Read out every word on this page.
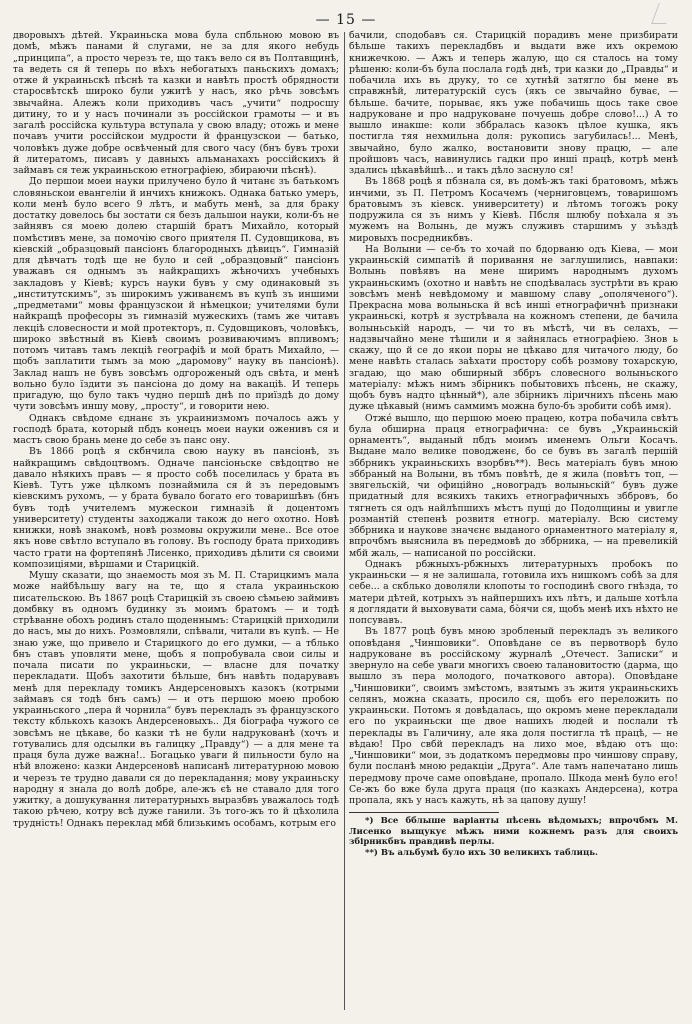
— 15 —

дворовыхъ дѣтей. Украиньска мова була спбльною мовою въ домѣ, мѣжъ панами й слугами, не за для якого небудь „принципа“, а просто черезъ те, що такъ вело ся въ Полтавщинѣ, та ведеть ся й теперь по вѣхъ небогатыхъ паньскихъ домахъ; отже й украиньскѣ пѣснѣ та казки и навѣть простѣ обрядности старосвѣтскѣ широко були ужитѣ у насъ, яко рѣчь зовсѣмъ звычайна. Алежъ коли приходивъ часъ „учити“ подросшу дитину, то и у насъ починали зъ россійскои грамоты — и въ загалѣ россійска культура вступала у свою владу; отожь и мене почавъ учити россійскои мудрости й французскои — батько, чоловѣкъ дуже добре освѣченый для свого часу (бнъ бувъ трохи й литератомъ, писавъ у давныхъ альманахахъ россійскихъ й займавъ ся теж украиньскою етнографіею, збираючи пѣснѣ).

До першои моеи науки прилучено було й читанє зъ батькомъ словяньскои евангеліи й инчихъ книжокъ. Однака батько умеръ, коли менѣ було всего 9 лѣтъ, и мабуть менѣ, за для браку достатку довелось бы зостати ся безъ дальшои науки, коли-бъ не зайнявъ ся моею долею старшій братъ Михайло, который помѣстивъ мене, за помочію свого приятеля П. Судовщикова, въ кіевскій „образцовый пансіонъ благородныхъ дѣвицъ“. Гимназій для дѣвчатъ тодѣ ще не було и сей „образцовый“ пансіонъ уважавъ ся однымъ зъ найкращихъ жѣночихъ учебныхъ закладовъ у Кіевѣ; курсъ науки бувъ у сму одинаковый зъ „институтскимъ“, зъ широкимъ уживанємъ въ купѣ зъ иншими „предметами“ мовы французскои й нѣмецкои; учителями були найкращѣ професоры зъ гимназій мужескихъ (тамъ же читавъ лекціѣ словесности и мой протекторъ, п. Судовщиковъ, чоловѣкъ, широко звѣстный въ Кіевѣ своимъ розвиваючимъ впливомъ; потомъ читавъ тамъ лекціѣ географіѣ и мой братъ Михайло, — щобъ заплатити тымъ за мою „даромову“ науку въ пансіонѣ). Заклад нашъ не бувъ зовсѣмъ одгороженый одъ свѣта, и менѣ вольно було їздити зъ пансіона до дому на вакаціѣ. И теперь пригадую, що було такъ чудно першѣ днѣ по приїздѣ до дому чути зовсѣмъ иншу мову, „просту“, и говорити нею.

Однакъ свѣдоме єднанє зъ украинизмомъ почалось ажъ у господѣ брата, который пбдъ конецъ моеи науки оженивъ ся и мастъ свою брань мене до себе зъ панс ону.

Въ 1866 роцѣ я скбнчила свою науку въ пансіонѣ, зъ найкращимъ свѣдоцтвомъ. Одначе пансіоньске свѣдоцтво не давало нѣякихъ правъ — я просто собѣ поселилась у брата въ Кіевѣ. Тутъ уже цѣлкомъ познаймила ся й зъ передовымъ кіевскимъ рухомъ, — у брата бувало богато его товаришѣвъ (бнъ бувъ тодѣ учителемъ мужескои гимназіѣ й доцентомъ университету) студенты заходжали також до него охотно. Новѣ книжки, новѣ знакомѣ, новѣ розмовы окружили мене.. Все отое якъ нове свѣтло вступало въ голову. Въ господу брата приходивъ часто грати на фортепянѣ Лисенко, приходивъ дѣлити ся своими композиціями, вѣршами и Старицкій.

Мушу сказати, що знаемость моя зъ М. П. Старицкимъ мала може найбѣльшу вагу на те, що я стала украиньскою писательскою. Въ 1867 роцѣ Старицкій зъ своею сѣмьею займивъ домбвку въ одномъ будинку зъ моимъ братомъ — и тодѣ стрѣванне обохъ родинъ стало щоденнымъ: Старицкій приходили до насъ, мы до нихъ. Розмовляли, спѣвали, читали въ купѣ. — Не знаю уже, що привело и Старицкого до его думки, — а тблько бнъ ставъ уповляти мене, щобъ я попробувала свои силы и почала писати по украиньски, — власне для початку перекладати. Щобъ захотити бѣльше, бнъ навѣть подарувавъ менѣ для перекладу томикъ Андерсеновыхъ казокъ (котрыми займавъ ся тодѣ бнъ самъ) — и отъ першою моею пробою украиньского „пера й чорнила“ бувъ перекладъ зъ французского тексту кблькохъ казокъ Андерсеновыхъ.. Дя біографа чужого се зовсѣмъ не цѣкаве, бо казки тѣ не були надрукованѣ (хочъ и готувались для одсылки въ галицку „Правду“) — а для мене та праця була дуже важна!.. Богацько уваги й пильности було на нѣй вложено: казки Андерсеновѣ написанѣ литературною мовою и черезъ те трудно давали ся до перекладання; мову украиньску народну я знала до волѣ добре, але-жъ єѣ не ставало для того ужитку, а дошукування литературныхъ выразбвъ уважалось тодѣ такою рѣчею, котру всѣ дуже ганили. Зъ того-жъ то й цѣхолила трудність! Однакъ переклад мбй близькимъ особамъ, котрым его

бачили, сподобавъ ся. Старицкій порадивъ мене призбирати бѣльше такихъ перекладбвъ и выдати вже ихъ окремою книжечкою. — Ажъ и теперь жалую, що ся сталось на тому рѣшеню: коли-бъ була послала годѣ днѣ, три казки до „Правды“ и побачила ихъ въ друку, то се хутнѣй затягло бы мене въ справжнѣй, литературскій сусъ (якъ се звычайно буває, — бѣльше. бачите, порыває, якъ уже побачишь щось таке свое надруковане и про надруковане почуешь добре слово!...) А то вышло инакше: коли зббралась казокъ цѣлое кушка, якъ постигла тяя нехмильна доля: рукопись загубилась!... Менѣ, звычайно, було жалко, востановити знову працю, — але пройшовъ часъ, навинулись гадки про инші працѣ, котрѣ менѣ здались цѣкавѣйшѣ... и такъ дѣло заснуло ся!

Въ 1868 роцѣ я пбзнала ся, въ домѣ-жъ такі братовомъ, мѣжъ инчими, зъ П. Петромъ Косачемъ (черниговцемъ, товаришомъ братовымъ зъ кіевск. университету) и лѣтомъ тогожъ року подружила ся зъ нимъ у Кіевѣ. Пбсля шлюбу поѣхала я зъ мужемъ на Волынь, де мужъ служивъ старшимъ у зъѣздѣ мировыхъ посредникбвъ.

На Волыни — се-бъ то хочай по бдорваню одъ Кіева, — мои украиньскій симпатіѣ й поривання не заглушились, навпаки: Волынь повѣявъ на мене ширимъ народнымъ духомъ украиньскимъ (охотно и навѣть не сподѣвалась зустрѣти въ краю зовсѣмъ менѣ невѣдомому и мавшому славу „ополяченого“). Прекрасна мова волыньска й всѣ инші етнографичнѣ признаки украиньскі, котрѣ я зустрѣвала на кожномъ степени, де бачила волыньській народъ, — чи то въ мѣстѣ, чи въ селахъ, — надзвычайно мене тѣшили и я зайнялась етнографіею. Знов ь скажу, що й се до якои поры не цѣкаво для читачого люду, бо мене навѣть сталась заѣхати простору собѣ розмову тохарскую, згадаю, що маю обширный зббръ словесного волыньского матеріалу: мѣжъ нимъ збірникъ побытовихъ пѣсень, не скажу, щобъ бувъ надто цѣнный*), але збірникъ ліричнихъ пѣсень маю дуже цѣкавый (нимъ саммимъ можна було-бъ зробити собѣ имя).

Отжé вышло, що першою моею працею, котра побачила свѣтъ була обширна праця етнографична: се бувъ „Украиньскій орнаментъ“, выданый пбдъ моимъ именемъ Ольги Косачъ. Выдане мало велике поводженє, бо се бувъ въ загалѣ першій зббрникъ украиньскихъ взорбвъ**). Весь матеріалъ бувъ мною зббраный на Волыни, въ тбмъ повѣтѣ, де я жила (повѣтъ топ, — звягельскій, чи офиційно „новоградъ волыньскій“ бувъ дуже придатный для всякихъ такихъ етнографичныхъ зббровъ, бо тягнеть ся одъ найлѣпшихъ мѣстъ пущі до Подолщины и увигле розмантій степенѣ розвитя етногр. матеріалу. Всю систему зббрника и наукове значєнє выданого орнаментного матеріалу я, впрочбмъ выяснила въ передмовѣ до зббрника, — на превеликій мбй жаль, — написаной по россійски.

Однакъ рбжныхъ-рбжныхъ литературныхъ пробокъ по украиньски — я не залишала, готовила ихъ нишкомъ собѣ за для себе... а скблько доволяли клопоты то господинѣ свого гнѣзда, то матери дѣтей, котрыхъ зъ найпершихъ ихъ лѣтъ, и дальше хотѣла я доглядати й выховувати сама, бо̀ячи ся, щобъ менѣ ихъ нѣхто не попсувавъ.

Въ 1877 роцѣ бувъ мною зробленый перекладъ зъ великого оповѣданя „Чиншовики“. Оповѣдане се въ первотворѣ було надруковане въ россійскому журналѣ „Отечест. Записки“ и звернуло на себе уваги многихъ своею талановитостю (дарма, що вышло зъ пера молодого, початкового автора). Оповѣдане „Чиншовики“, своимъ змѣстомъ, взятымъ зъ житя украиньскихъ селянъ, можна сказать, просило ся, щобъ его переложить по украиньски. Потомъ я довѣдалась, що окромъ мене перекладали его по украиньски ще двое нашихъ людей и послали тѣ переклады въ Галичину, але яка доля постигла тѣ працѣ, — не вѣдаю! Про свбй перекладъ на лихо мое, вѣдаю отъ що: „Чиншовики“ мои, зъ додаткомъ передмовы про чиншову справу, були посланѣ мною редакціи „Друга“. Але тамъ напечатано лишь передмову проче саме оповѣдане, пропало. Шкода менѣ було его! Се-жъ бо вже була друга праця (по казкахъ Андерсена), котра пропала, якъ у насъ кажуть, нѣ за цапову душу!

*) Все бблыше варіанты пѣсень вѣдомыхъ; впрочбмъ М. Лисенко выщукує мѣжъ ними кожнемъ разъ для своихъ збірникбвъ правдивѣ перлы.

**) Въ альбумѣ було ихъ 30 великихъ таблиць.
